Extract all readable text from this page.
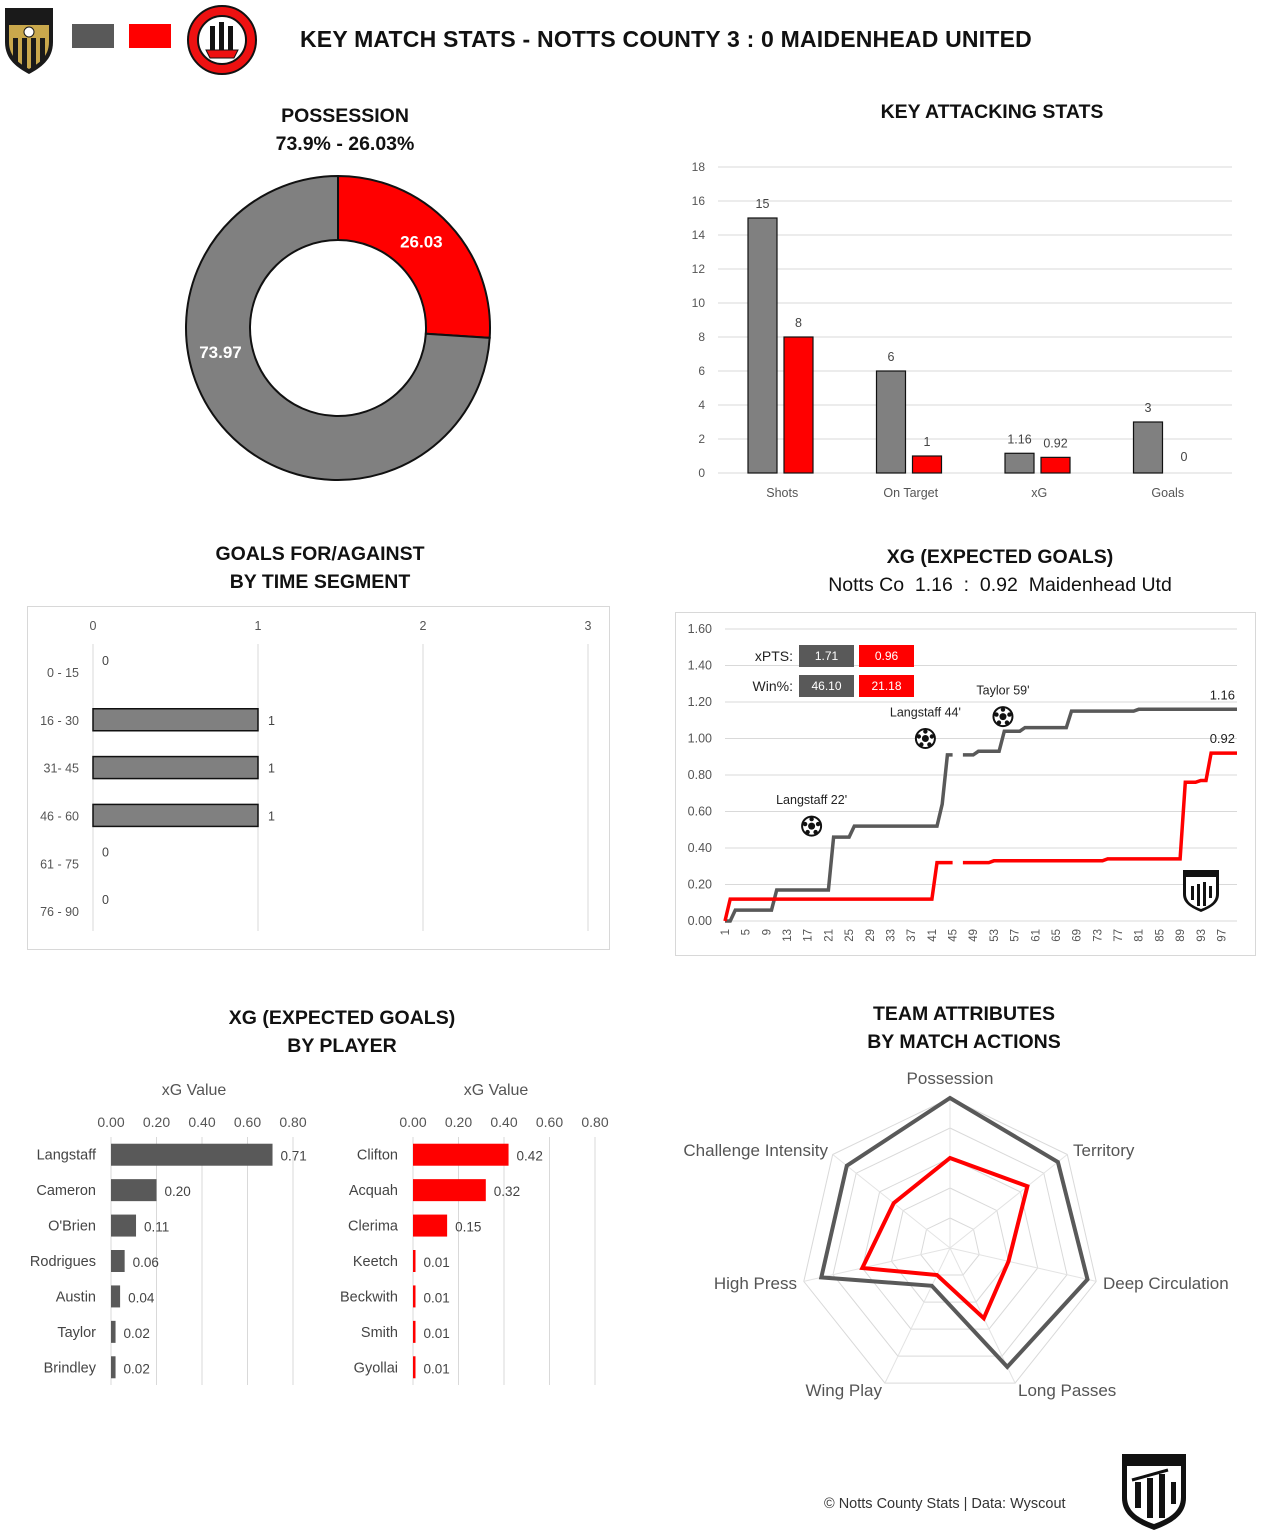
KEY MATCH STATS - NOTTS COUNTY 3 : 0 MAIDENHEAD UNITED
POSSESSION
73.9% - 26.03%
26.03
73.97
KEY ATTACKING STATS
0
2
4
6
8
10
12
14
16
18
Shots
15
8
On Target
6
1
xG
1.16 0.92
Goals
3
0
GOALS FOR/AGAINST
BY TIME SEGMENT
0	1	2	3
0 - 15
0
16 - 30	1
31- 45	1
46 - 60	1
61 - 75
0
76 - 90
0
XG (EXPECTED GOALS)
Notts Co  1.16  :  0.92  Maidenhead Utd
0.00
0.20
0.40
0.60
0.80
1.00
1.20
1.40
1.60
1 5 9 13 17 21 25 29 33 37 41 45 49 53 57 61 65 69 73 77 81 85 89 93 97
1.16
0.92
Langstaff 22'
Langstaff 44'
Taylor 59'
xPTS:	1.71	0.96
Win%:	46.10	21.18
XG (EXPECTED GOALS)
BY PLAYER
xG Value
0.00 0.20 0.40 0.60 0.80
Langstaff	0.71
Cameron	0.20
O'Brien	0.11
Rodrigues	0.06
Austin 0.04
Taylor 0.02
Brindley 0.02
xG Value
0.00 0.20 0.40 0.60 0.80
Clifton	0.42
Acquah	0.32
Clerima	0.15
Keetch 0.01
Beckwith 0.01
Smith 0.01
Gyollai 0.01
TEAM ATTRIBUTES
BY MATCH ACTIONS
Possession
Territory
Deep Circulation
Long Passes
Wing Play
High Press
Challenge Intensity
© Notts County Stats | Data: Wyscout
